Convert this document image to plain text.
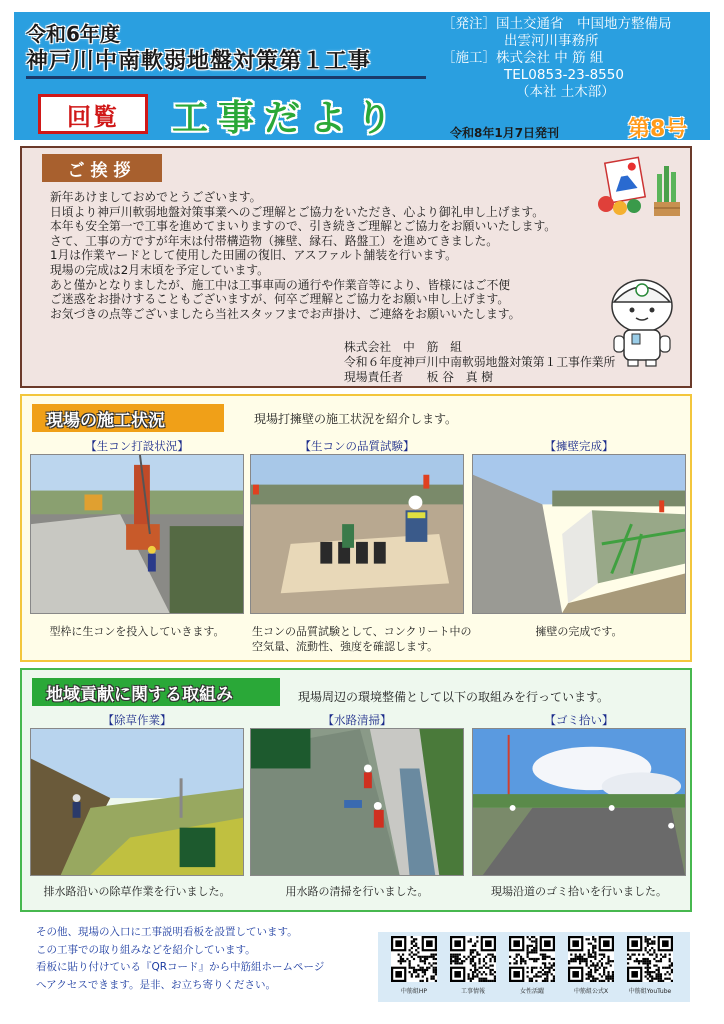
令和6年度
神戸川中南軟弱地盤対策第１工事
［発注］国土交通省　中国地方整備局
出雲河川事務所
［施工］株式会社 中 筋 組
TEL0853-23-8550
（本社 土木部）
回覧	工事だより	令和8年1月7日発刊	第8号
ご挨拶
新年あけましておめでとうございます。
日頃より神戸川軟弱地盤対策事業へのご理解とご協力をいただき、心より御礼申し上げます。
本年も安全第一で工事を進めてまいりますので、引き続きご理解とご協力をお願いいたします。
さて、工事の方ですが年末は付帯構造物（擁壁、縁石、路盤工）を進めてきました。
1月は作業ヤードとして使用した田圃の復旧、アスファルト舗装を行います。
現場の完成は2月末頃を予定しています。
あと僅かとなりましたが、施工中は工事車両の通行や作業音等により、皆様にはご不便
ご迷惑をお掛けすることもございますが、何卒ご理解とご協力をお願い申し上げます。
お気づきの点等ございましたら当社スタッフまでお声掛け、ご連絡をお願いいたします。
株式会社　中　筋　組
令和６年度神戸川中南軟弱地盤対策第１工事作業所
現場責任者　　板 谷　真 樹
現場の施工状況	現場打擁壁の施工状況を紹介します。
【生コン打設状況】
型枠に生コンを投入していきます。
【生コンの品質試験】
生コンの品質試験として、コンクリート中の
空気量、流動性、強度を確認します。
【擁壁完成】
擁壁の完成です。
地域貢献に関する取組み	現場周辺の環境整備として以下の取組みを行っています。
【除草作業】
排水路沿いの除草作業を行いました。
【水路清掃】
用水路の清掃を行いました。
【ゴミ拾い】
現場沿道のゴミ拾いを行いました。
その他、現場の入口に工事説明看板を設置しています。
この工事での取り組みなどを紹介しています。
看板に貼り付けている『QRコード』から中筋組ホームページ
へアクセスできます。是非、お立ち寄りください。
中筋組HP	工事情報	女性活躍	中筋組公式X	中筋組YouTube
